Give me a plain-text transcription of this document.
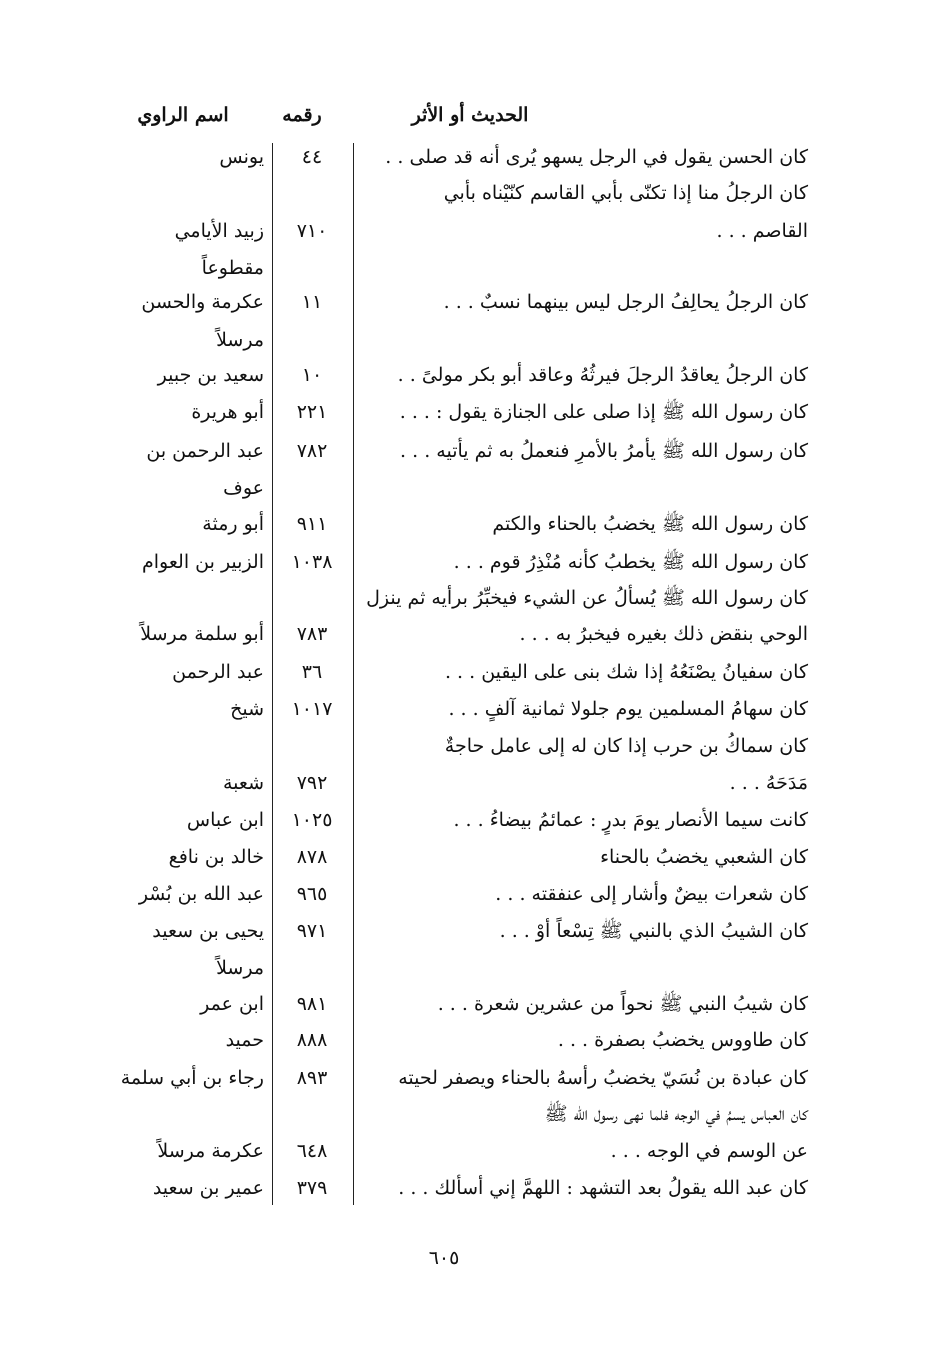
الحديث أو الأثر
رقمه
اسم الراوي
كان الحسن يقول في الرجل يسهو يُرى أنه قد صلى . .
٤٤
يونس
كان الرجلُ منا إذا تكنّى بأبي القاسم كنّيْناه بأبي
القاصم . . .
٧١٠
زبيد الأيامي
مقطوعاً
كان الرجلُ يحالِفُ الرجل ليس بينهما نسبٌ . . .
١١
عكرمة والحسن
مرسلاً
كان الرجلُ يعاقدُ الرجلَ فيرثُهُ وعاقد أبو بكر مولىً . .
١٠
سعيد بن جبير
كان رسول الله ﷺ إذا صلى على الجنازة يقول : . . .
٢٢١
أبو هريرة
كان رسول الله ﷺ يأمرُ بالأمرِ فنعملُ به ثم يأتيه . . .
٧٨٢
عبد الرحمن بن
عوف
كان رسول الله ﷺ يخضبُ بالحناء والكتم
٩١١
أبو رمثة
كان رسول الله ﷺ يخطبُ كأنه مُنْذِرُ قوم . . .
١٠٣٨
الزبير بن العوام
كان رسول الله ﷺ يُسألُ عن الشيء فيخبِّرُ برأيه ثم ينزل
الوحي بنقض ذلك بغيره فيخبرُ به . . .
٧٨٣
أبو سلمة مرسلاً
كان سفيانُ يصْنَعُهُ إذا شك بنى على اليقين . . .
٣٦
عبد الرحمن
كان سهامُ المسلمين يوم جلولا ثمانية آلفٍ . . .
١٠١٧
شيخ
كان سماكُ بن حرب إذا كان له إلى عامل حاجةٌ
مَدَحَهُ . . .
٧٩٢
شعبة
كانت سيما الأنصار يومَ بدرٍ : عمائمُ بيضاءُ . . .
١٠٢٥
ابن عباس
كان الشعبي يخضبُ بالحناء
٨٧٨
خالد بن نافع
كان شعرات بيضٌ وأشار إلى عنفقته . . .
٩٦٥
عبد الله بن بُسْر
كان الشيبُ الذي بالنبي ﷺ تِسْعاً أوْ . . .
٩٧١
يحيى بن سعيد
مرسلاً
كان شيبُ النبي ﷺ نحواً من عشرين شعرة . . .
٩٨١
ابن عمر
كان طاووس يخضبُ بصفرة . . .
٨٨٨
حميد
كان عبادة بن نُسَيّ يخضبُ رأسهُ بالحناء ويصفر لحيته
٨٩٣
رجاء بن أبي سلمة
كان العباس يسمُ في الوجه فلما نهى رسول الله ﷺ
عن الوسم في الوجه . . .
٦٤٨
عكرمة مرسلاً
كان عبد الله يقولُ بعد التشهد : اللهمَّ إني أسألك . . .
٣٧٩
عمير بن سعيد
٦٠٥
